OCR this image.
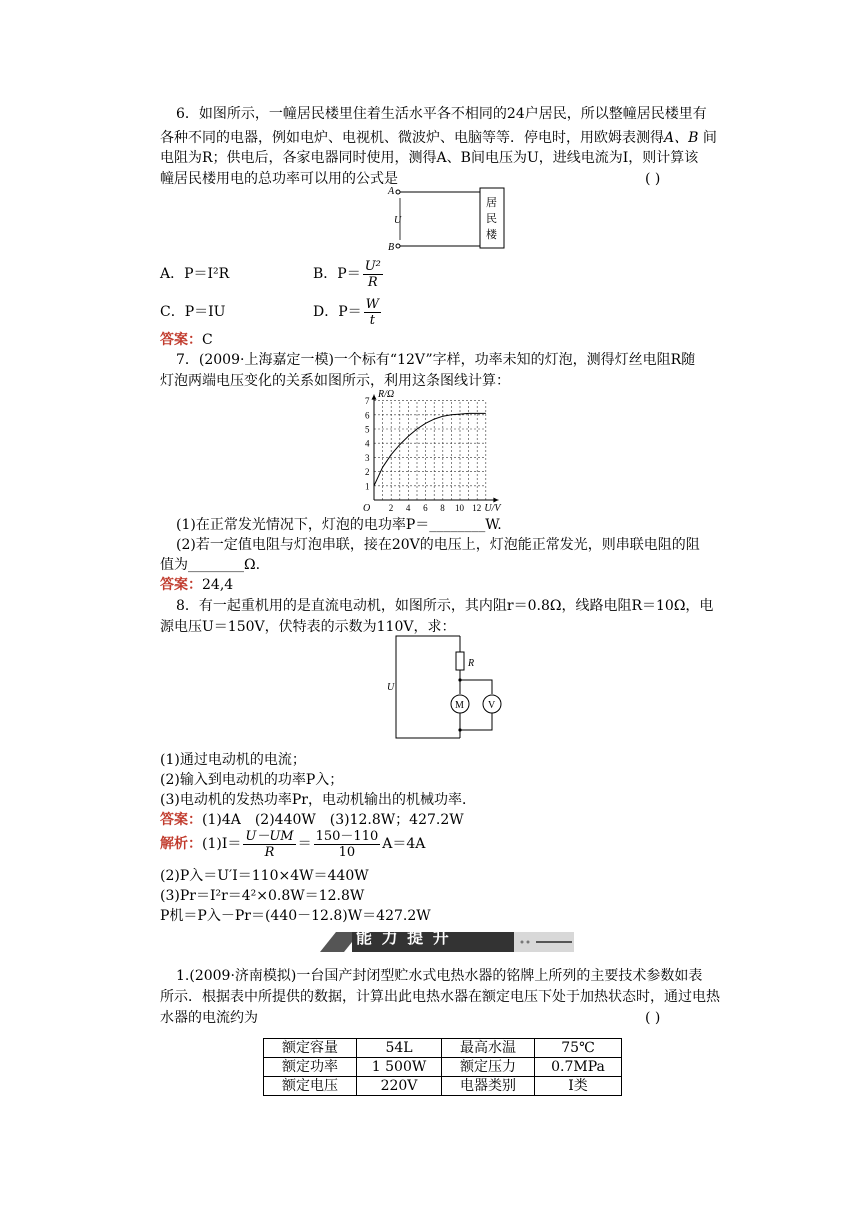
6．如图所示，一幢居民楼里住着生活水平各不相同的24户居民，所以整幢居民楼里有
各种不同的电器，例如电炉、电视机、微波炉、电脑等等．停电时，用欧姆表测得A、B 间
电阻为R；供电后，各家电器同时使用，测得A、B间电压为U，进线电流为I，则计算该
幢居民楼用电的总功率可以用的公式是	( )
A
B
U
居
民
楼
A．P＝I²R	B．$P= \frac{\text{U²}}{R}$
C．P＝IU	D．$P= \frac{W}{t}$
答案：C
7．(2009·上海嘉定一模)一个标有“12V”字样，功率未知的灯泡，测得灯丝电阻R随
灯泡两端电压变化的关系如图所示，利用这条图线计算：
1
2
3
4
5
6
7
2 4 6 8 10 12
R/Ω
U/V
O
(1)在正常发光情况下，灯泡的电功率P＝________W.
(2)若一定值电阻与灯泡串联，接在20V的电压上，灯泡能正常发光，则串联电阻的阻
值为________Ω.
答案：24,4
8．有一起重机用的是直流电动机，如图所示，其内阻r＝0.8Ω，线路电阻R＝10Ω，电
源电压U＝150V，伏特表的示数为110V，求：
U
R
M V
(1)通过电动机的电流；
(2)输入到电动机的功率P入；
(3)电动机的发热功率Pr，电动机输出的机械功率．
答案：(1)4A　(2)440W　(3)12.8W；427.2W
解析：$(1)I= \frac{U-UM}{R} = \frac{150-110}{10} A=4A$
(2)P入＝U′I＝110×4W＝440W
(3)Pr＝I²r＝4²×0.8W＝12.8W
P机＝P入－Pr＝(440－12.8)W＝427.2W
能 力 提 升
1.(2009·济南模拟)一台国产封闭型贮水式电热水器的铭牌上所列的主要技术参数如表
所示．根据表中所提供的数据，计算出此电热水器在额定电压下处于加热状态时，通过电热
水器的电流约为	( )
额定容量	54L	最高水温	75℃
额定功率	1 500W	额定压力	0.7MPa
额定电压	220V	电器类别	Ⅰ类
